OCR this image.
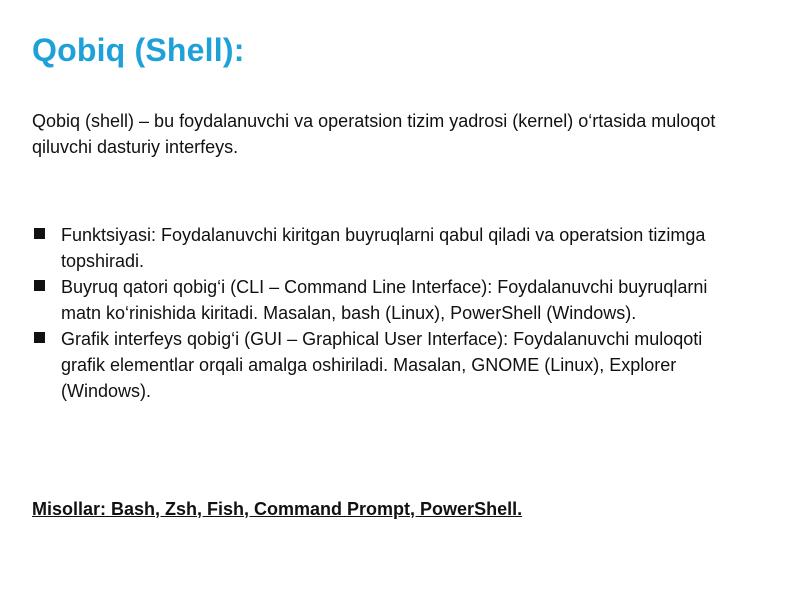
Qobiq (Shell):

Qobiq (shell) – bu foydalanuvchi va operatsion tizim yadrosi (kernel) o‘rtasida muloqot qiluvchi dasturiy interfeys.

Funktsiyasi: Foydalanuvchi kiritgan buyruqlarni qabul qiladi va operatsion tizimga topshiradi.
Buyruq qatori qobig‘i (CLI – Command Line Interface): Foydalanuvchi buyruqlarni matn ko‘rinishida kiritadi. Masalan, bash (Linux), PowerShell (Windows).
Grafik interfeys qobig‘i (GUI – Graphical User Interface): Foydalanuvchi muloqoti grafik elementlar orqali amalga oshiriladi. Masalan, GNOME (Linux), Explorer (Windows).

Misollar: Bash, Zsh, Fish, Command Prompt, PowerShell.
